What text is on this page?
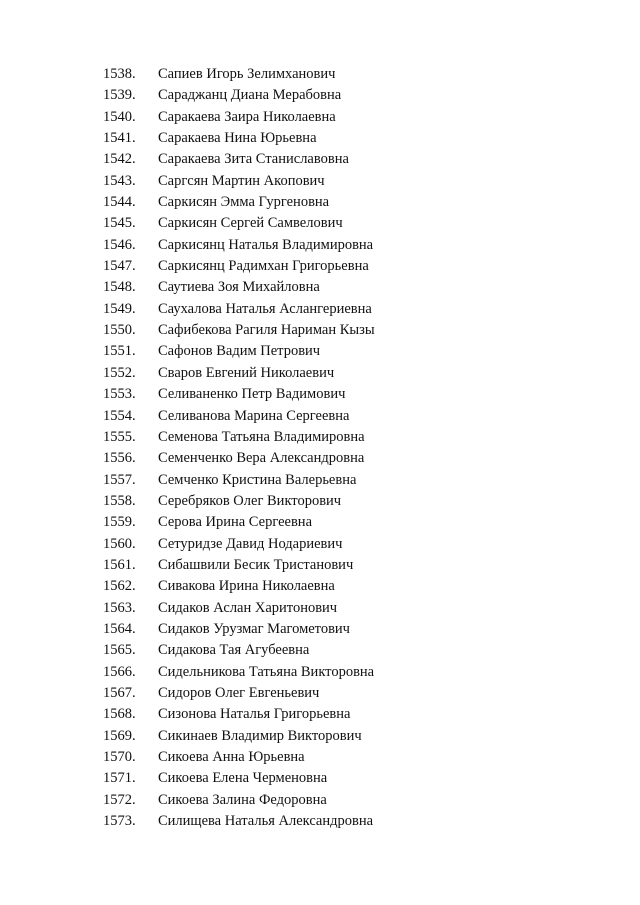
1538. Сапиев Игорь Зелимханович
1539. Сараджанц Диана Мерабовна
1540. Саракаева Заира Николаевна
1541. Саракаева Нина Юрьевна
1542. Саракаева Зита Станиславовна
1543. Саргсян Мартин Акопович
1544. Саркисян Эмма Гургеновна
1545. Саркисян Сергей Самвелович
1546. Саркисянц Наталья Владимировна
1547. Саркисянц Радимхан Григорьевна
1548. Саутиева Зоя Михайловна
1549. Саухалова Наталья Аслангериевна
1550. Сафибекова Рагиля Нариман Кызы
1551. Сафонов Вадим Петрович
1552. Сваров Евгений Николаевич
1553. Селиваненко Петр Вадимович
1554. Селиванова Марина Сергеевна
1555. Семенова Татьяна Владимировна
1556. Семенченко Вера Александровна
1557. Семченко Кристина Валерьевна
1558. Серебряков Олег Викторович
1559. Серова Ирина Сергеевна
1560. Сетуридзе Давид Нодариевич
1561. Сибашвили Бесик Тристанович
1562. Сивакова Ирина Николаевна
1563. Сидаков Аслан Харитонович
1564. Сидаков Урузмаг Магометович
1565. Сидакова Тая Агубеевна
1566. Сидельникова Татьяна Викторовна
1567. Сидоров Олег Евгеньевич
1568. Сизонова Наталья Григорьевна
1569. Сикинаев Владимир Викторович
1570. Сикоева Анна Юрьевна
1571. Сикоева Елена Черменовна
1572. Сикоева Залина Федоровна
1573. Силищева Наталья Александровна
